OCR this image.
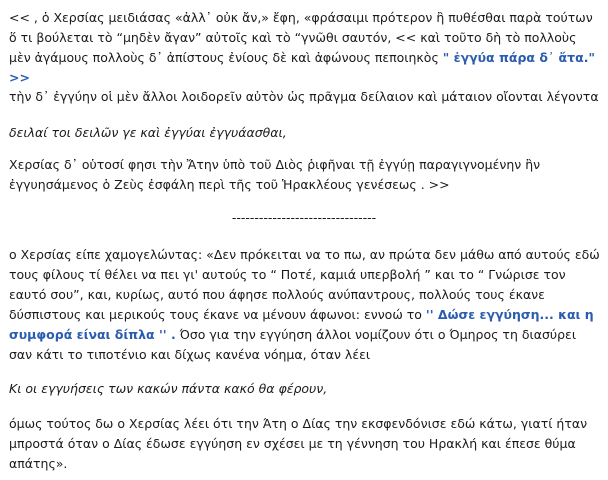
<< , ὁ Χερσίας μειδιάσας «ἀλλ᾽ οὐκ ἄν,» ἔφη, «φράσαιμι πρότερον ἢ πυθέσθαι παρὰ τούτων ὅ τι βούλεται τὸ “μηδὲν ἄγαν” αὐτοῖς καὶ τὸ “γνῶθι σαυτόν, << καὶ τοῦτο δὴ τὸ πολλοὺς μὲν ἀγάμους πολλοὺς δ᾽ ἀπίστους ἐνίους δὲ καὶ ἀφώνους πεποιηκὸς " ἐγγύα πάρα δ᾽ ἄτα." >>

τὴν δ᾽ ἐγγύην οἱ μὲν ἄλλοι λοιδορεῖν αὐτὸν ὡς πρᾶγμα δείλαιον καὶ μάταιον οἴονται λέγοντα

δειλαί τοι δειλῶν γε καὶ ἐγγύαι ἐγγυάασθαι,

Χερσίας δ᾽ οὑτοσί φησι τὴν Ἄτην ὑπὸ τοῦ Διὸς ῥιφῆναι τῇ ἐγγύῃ παραγιγνομένην ἣν ἐγγυησάμενος ὁ Ζεὺς ἐσφάλη περὶ τῆς τοῦ Ἡρακλέους γενέσεως . >>

--------------------------------

ο Χερσίας είπε χαμογελώντας: «Δεν πρόκειται να το πω, αν πρώτα δεν μάθω από αυτούς εδώ τους φίλους τί θέλει να πει γι' αυτούς το “ Ποτέ, καμιά υπερβολή ” και το “ Γνώρισε τον εαυτό σου”, και, κυρίως, αυτό που άφησε πολλούς ανύπαντρους, πολλούς τους έκανε δύσπιστους και μερικούς τους έκανε να μένουν άφωνοι: εννοώ το '' Δώσε εγγύηση... και η συμφορά είναι δίπλα '' . Όσο για την εγγύηση άλλοι νομίζουν ότι ο Όμηρος τη διασύρει σαν κάτι το τιποτένιο και δίχως κανένα νόημα, όταν λέει

Κι οι εγγυήσεις των κακών πάντα κακό θα φέρουν,

όμως τούτος δω ο Χερσίας λέει ότι την Άτη ο Δίας την εκσφενδόνισε εδώ κάτω, γιατί ήταν μπροστά όταν ο Δίας έδωσε εγγύηση εν σχέσει με τη γέννηση του Ηρακλή και έπεσε θύμα απάτης».
